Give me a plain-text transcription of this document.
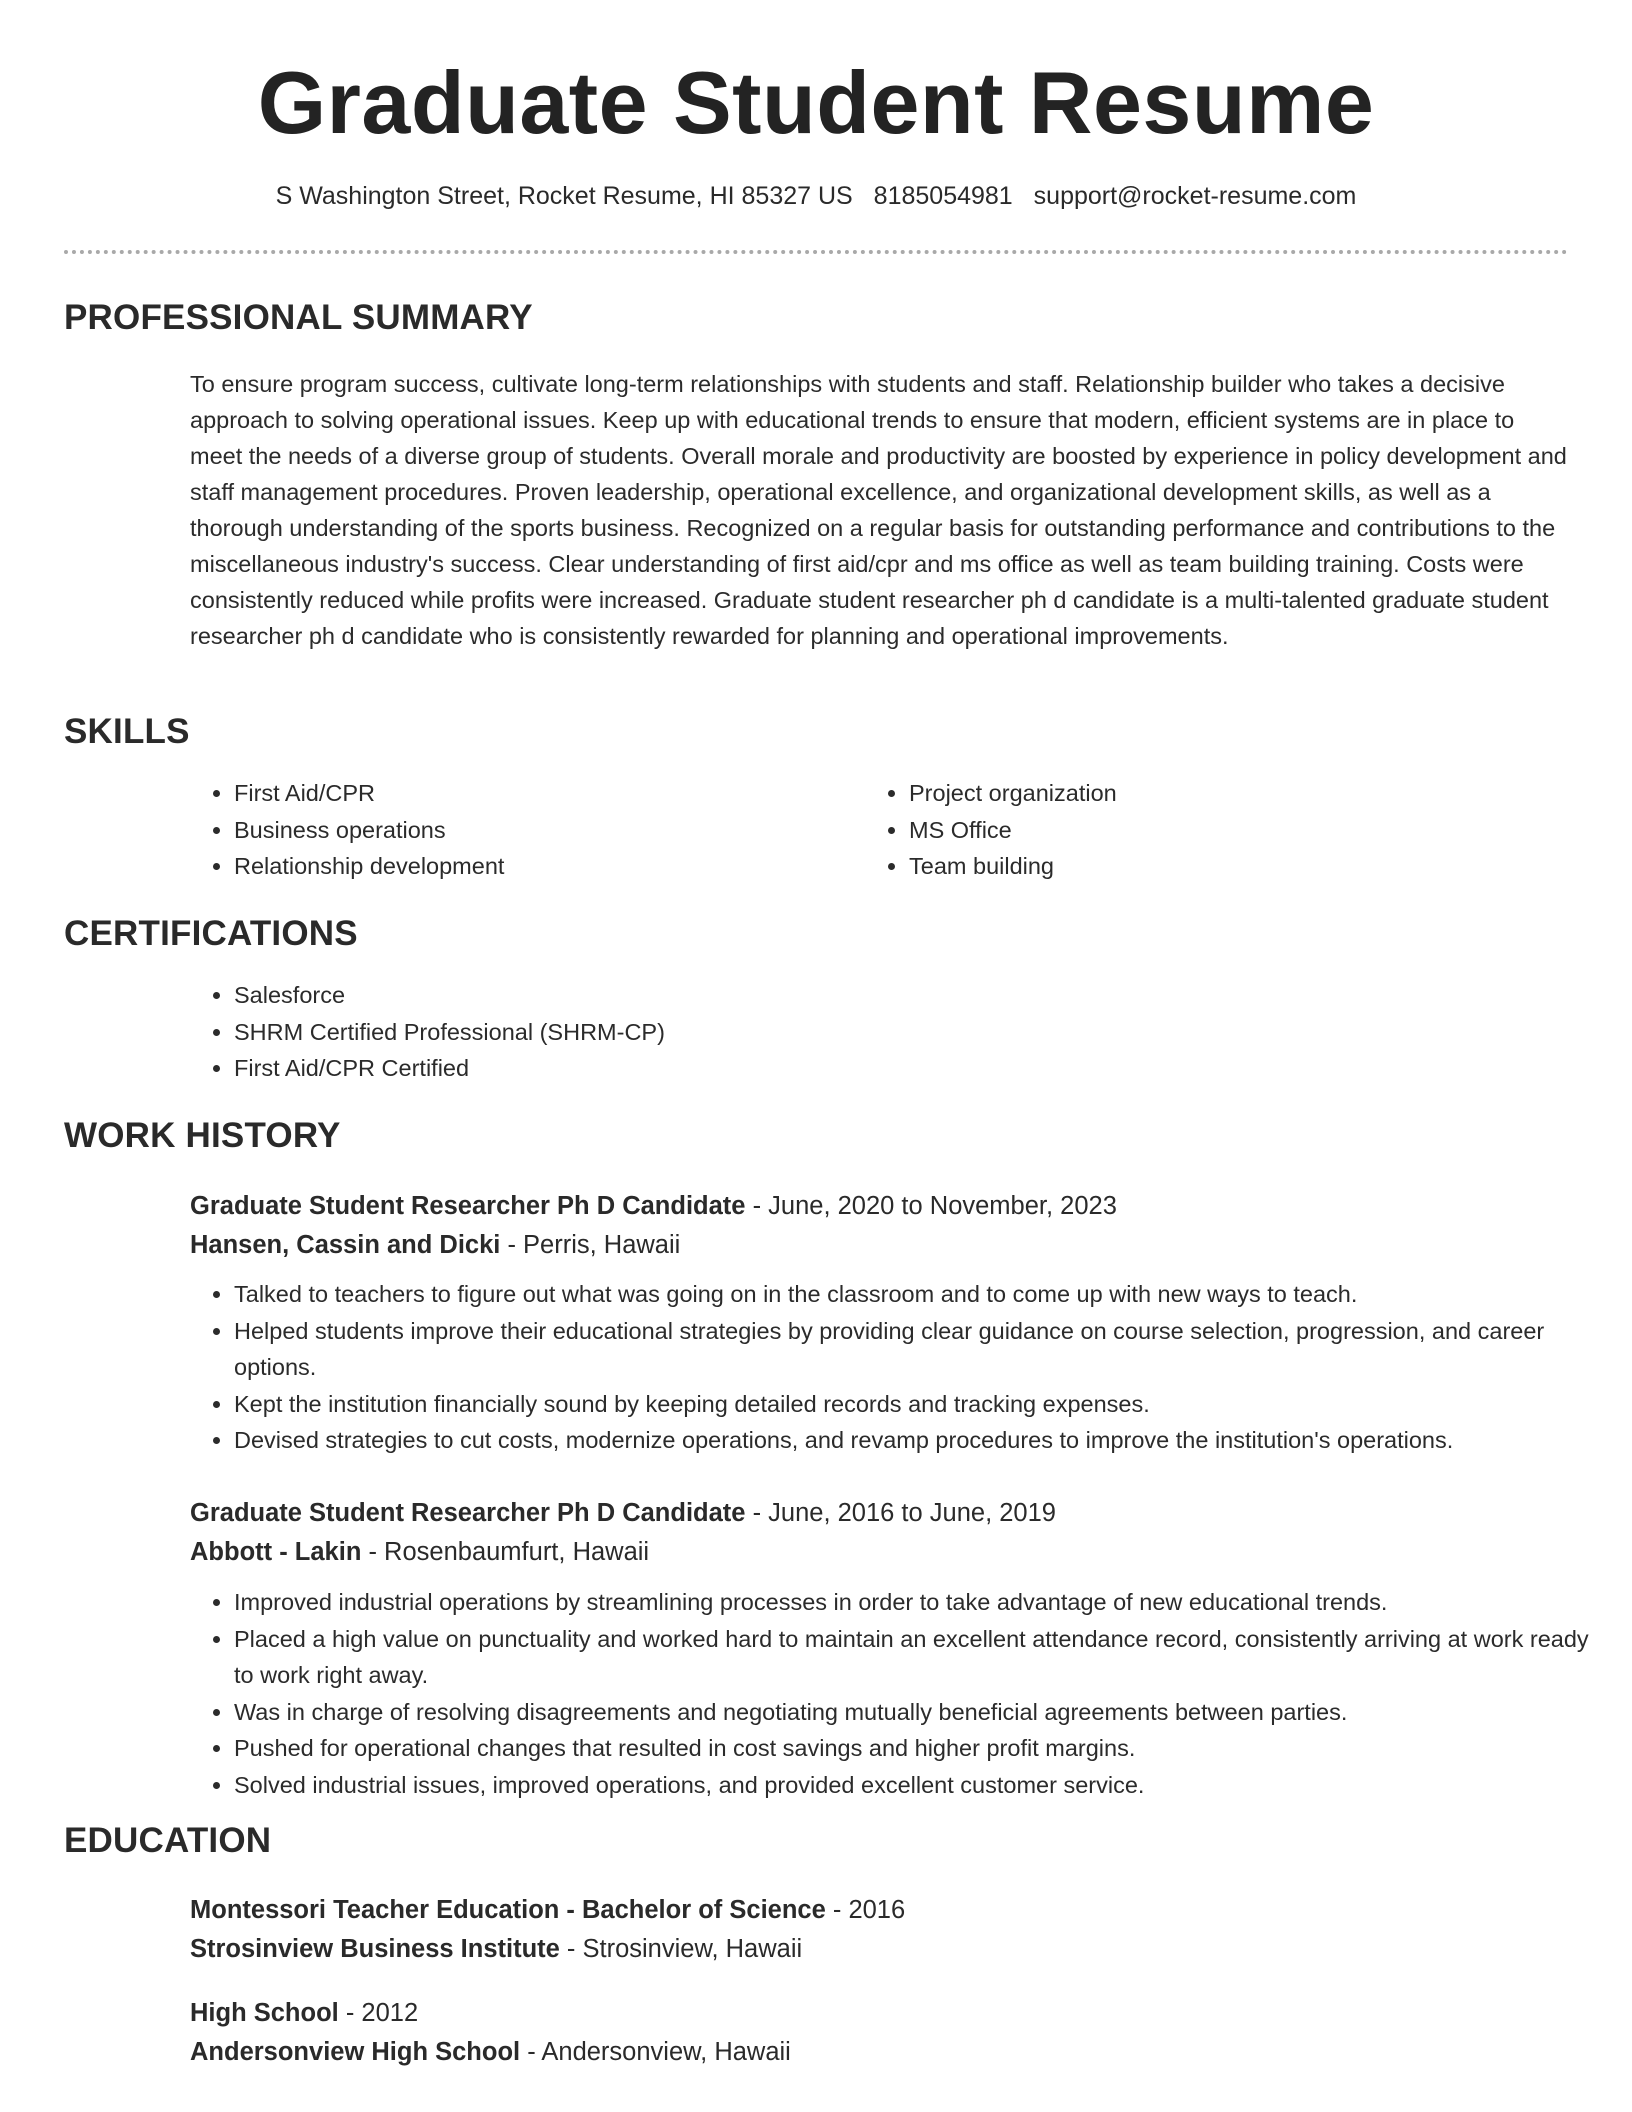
Graduate Student Resume
S Washington Street, Rocket Resume, HI 85327 US 8185054981 support@rocket-resume.com
PROFESSIONAL SUMMARY

To ensure program success, cultivate long-term relationships with students and staff. Relationship builder who takes a decisive approach to solving operational issues. Keep up with educational trends to ensure that modern, efficient systems are in place to meet the needs of a diverse group of students. Overall morale and productivity are boosted by experience in policy development and staff management procedures. Proven leadership, operational excellence, and organizational development skills, as well as a thorough understanding of the sports business. Recognized on a regular basis for outstanding performance and contributions to the miscellaneous industry's success. Clear understanding of first aid/cpr and ms office as well as team building training. Costs were consistently reduced while profits were increased. Graduate student researcher ph d candidate is a multi-talented graduate student researcher ph d candidate who is consistently rewarded for planning and operational improvements.

SKILLS
• First Aid/CPR
• Business operations
• Relationship development
• Project organization
• MS Office
• Team building
CERTIFICATIONS
• Salesforce
• SHRM Certified Professional (SHRM-CP)
• First Aid/CPR Certified
WORK HISTORY
Graduate Student Researcher Ph D Candidate - June, 2020 to November, 2023
Hansen, Cassin and Dicki - Perris, Hawaii
• Talked to teachers to figure out what was going on in the classroom and to come up with new ways to teach.
• Helped students improve their educational strategies by providing clear guidance on course selection, progression, and career options.
• Kept the institution financially sound by keeping detailed records and tracking expenses.
• Devised strategies to cut costs, modernize operations, and revamp procedures to improve the institution's operations.
Graduate Student Researcher Ph D Candidate - June, 2016 to June, 2019
Abbott - Lakin - Rosenbaumfurt, Hawaii
• Improved industrial operations by streamlining processes in order to take advantage of new educational trends.
• Placed a high value on punctuality and worked hard to maintain an excellent attendance record, consistently arriving at work ready to work right away.
• Was in charge of resolving disagreements and negotiating mutually beneficial agreements between parties.
• Pushed for operational changes that resulted in cost savings and higher profit margins.
• Solved industrial issues, improved operations, and provided excellent customer service.
EDUCATION
Montessori Teacher Education - Bachelor of Science - 2016
Strosinview Business Institute - Strosinview, Hawaii
High School - 2012
Andersonview High School - Andersonview, Hawaii
